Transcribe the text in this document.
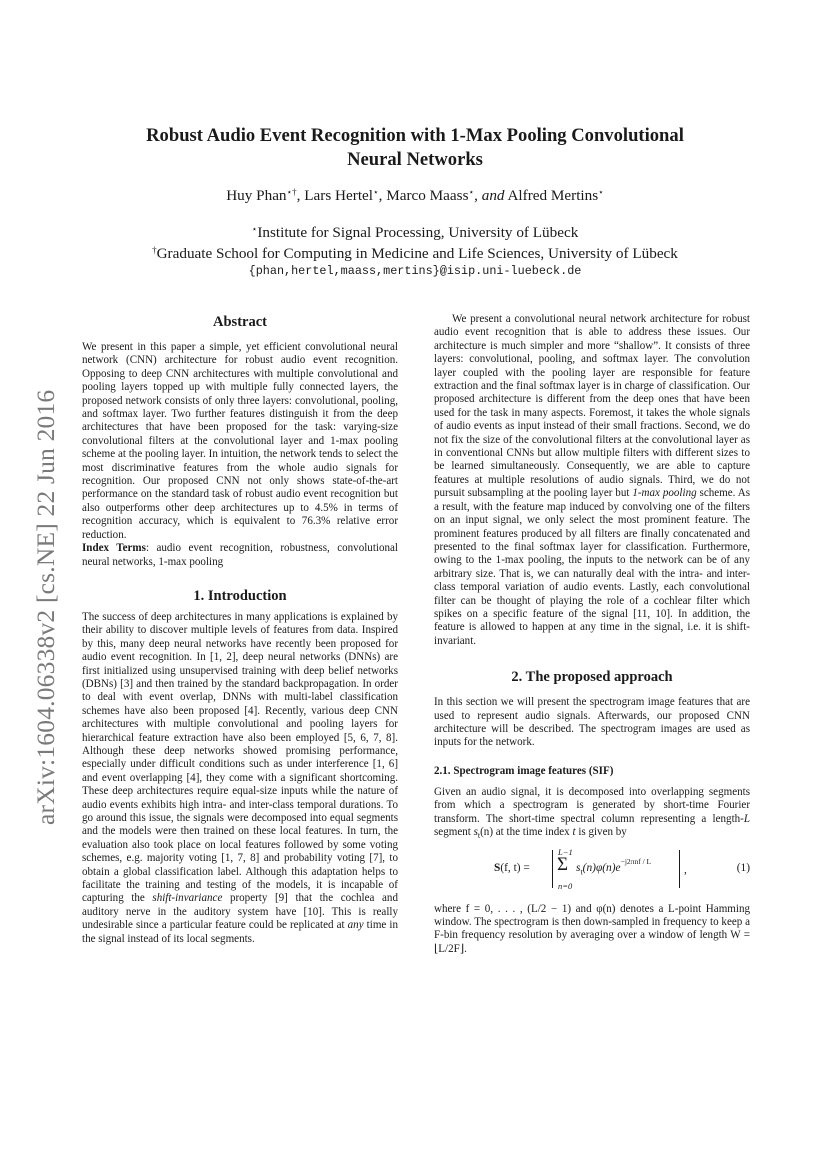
arXiv:1604.06338v2 [cs.NE] 22 Jun 2016
Robust Audio Event Recognition with 1-Max Pooling Convolutional
Neural Networks
Huy Phan⋆†, Lars Hertel⋆, Marco Maass⋆, and Alfred Mertins⋆
⋆Institute for Signal Processing, University of Lübeck
†Graduate School for Computing in Medicine and Life Sciences, University of Lübeck
{phan,hertel,maass,mertins}@isip.uni-luebeck.de
Abstract

We present in this paper a simple, yet efficient convolutional neural network (CNN) architecture for robust audio event recognition. Opposing to deep CNN architectures with multiple convolutional and pooling layers topped up with multiple fully connected layers, the proposed network consists of only three layers: convolutional, pooling, and softmax layer. Two further features distinguish it from the deep architectures that have been proposed for the task: varying-size convolutional filters at the convolutional layer and 1-max pooling scheme at the pooling layer. In intuition, the network tends to select the most discriminative features from the whole audio signals for recognition. Our proposed CNN not only shows state-of-the-art performance on the standard task of robust audio event recognition but also outperforms other deep architectures up to 4.5% in terms of recognition accuracy, which is equivalent to 76.3% relative error reduction.

Index Terms: audio event recognition, robustness, convolutional neural networks, 1-max pooling

1. Introduction

The success of deep architectures in many applications is explained by their ability to discover multiple levels of features from data. Inspired by this, many deep neural networks have recently been proposed for audio event recognition. In [1, 2], deep neural networks (DNNs) are first initialized using unsupervised training with deep belief networks (DBNs) [3] and then trained by the standard backpropagation. In order to deal with event overlap, DNNs with multi-label classification schemes have also been proposed [4]. Recently, various deep CNN architectures with multiple convolutional and pooling layers for hierarchical feature extraction have also been employed [5, 6, 7, 8]. Although these deep networks showed promising performance, especially under difficult conditions such as under interference [1, 6] and event overlapping [4], they come with a significant shortcoming. These deep architectures require equal-size inputs while the nature of audio events exhibits high intra- and inter-class temporal durations. To go around this issue, the signals were decomposed into equal segments and the models were then trained on these local features. In turn, the evaluation also took place on local features followed by some voting schemes, e.g. majority voting [1, 7, 8] and probability voting [7], to obtain a global classification label. Although this adaptation helps to facilitate the training and testing of the models, it is incapable of capturing the shift-invariance property [9] that the cochlea and auditory nerve in the auditory system have [10]. This is really undesirable since a particular feature could be replicated at any time in the signal instead of its local segments.

We present a convolutional neural network architecture for robust audio event recognition that is able to address these issues. Our architecture is much simpler and more “shallow”. It consists of three layers: convolutional, pooling, and softmax layer. The convolution layer coupled with the pooling layer are responsible for feature extraction and the final softmax layer is in charge of classification. Our proposed architecture is different from the deep ones that have been used for the task in many aspects. Foremost, it takes the whole signals of audio events as input instead of their small fractions. Second, we do not fix the size of the convolutional filters at the convolutional layer as in conventional CNNs but allow multiple filters with different sizes to be learned simultaneously. Consequently, we are able to capture features at multiple resolutions of audio signals. Third, we do not pursuit subsampling at the pooling layer but 1-max pooling scheme. As a result, with the feature map induced by convolving one of the filters on an input signal, we only select the most prominent feature. The prominent features produced by all filters are finally concatenated and presented to the final softmax layer for classification. Furthermore, owing to the 1-max pooling, the inputs to the network can be of any arbitrary size. That is, we can naturally deal with the intra- and inter-class temporal variation of audio events. Lastly, each convolutional filter can be thought of playing the role of a cochlear filter which spikes on a specific feature of the signal [11, 10]. In addition, the feature is allowed to happen at any time in the signal, i.e. it is shift-invariant.

2. The proposed approach

In this section we will present the spectrogram image features that are used to represent audio signals. Afterwards, our proposed CNN architecture will be described. The spectrogram images are used as inputs for the network.

2.1. Spectrogram image features (SIF)

Given an audio signal, it is decomposed into overlapping segments from which a spectrogram is generated by short-time Fourier transform. The short-time spectral column representing a length-L segment $s_t(n)$ at the time index t is given by

S(f, t) =
L−1
Σ
n=0
$s_t(n)\varphi(n)e^{-j2\pi nf / L}$
,	(1)

where f = 0, . . . , (L/2 − 1) and φ(n) denotes a L-point Hamming window. The spectrogram is then down-sampled in frequency to keep a F-bin frequency resolution by averaging over a window of length W = ⌊L/2F⌋.
